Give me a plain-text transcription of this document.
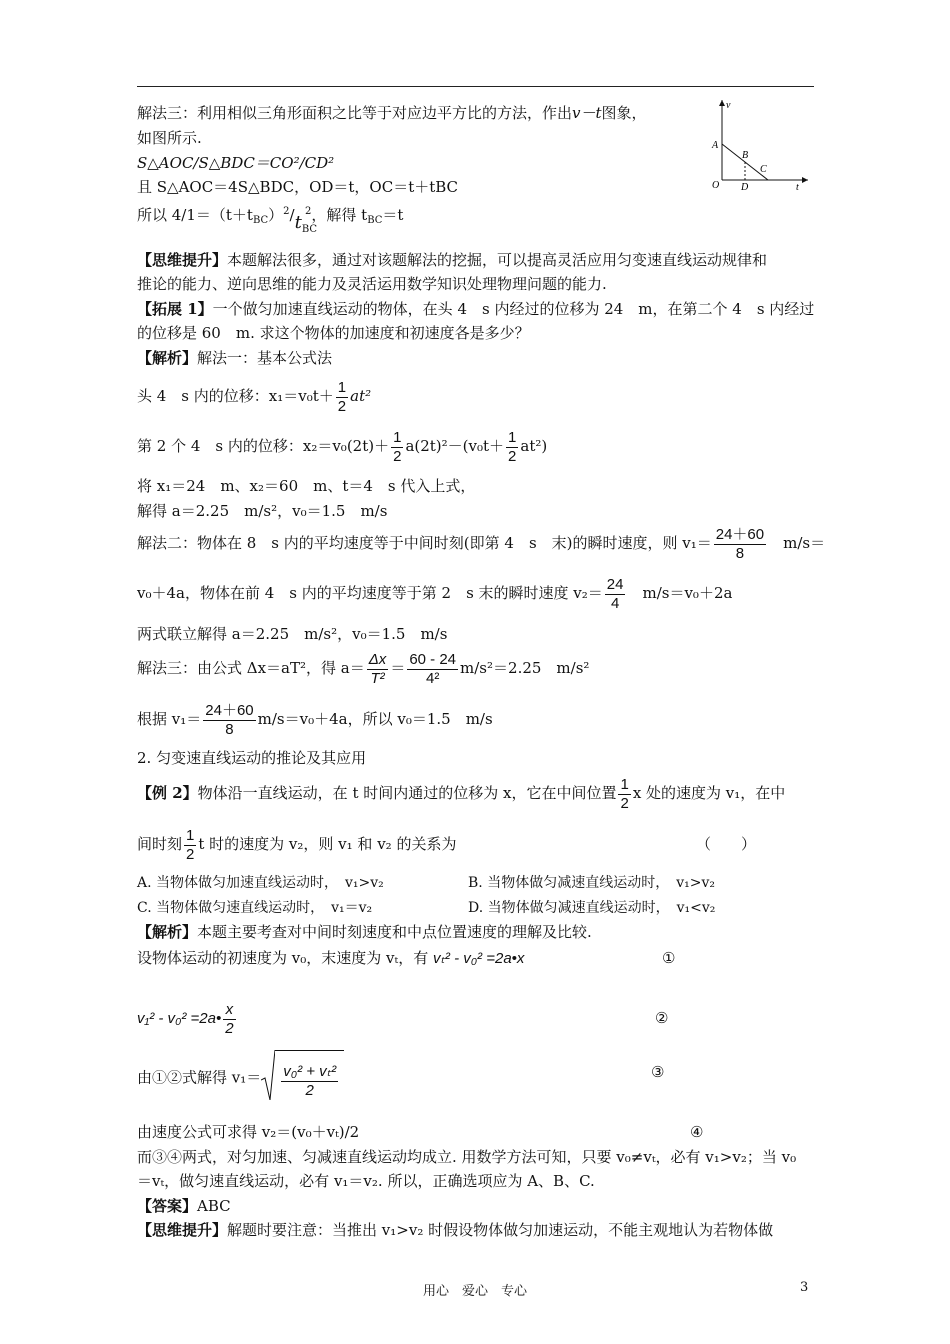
解法三：利用相似三角形面积之比等于对应边平方比的方法，作出v－t图象，
如图所示.
S△AOC/S△BDC＝CO²/CD²
且 S△AOC＝4S△BDC，OD＝t，OC＝t＋tBC
所以 $4/1=(t+t_{BC})^2/t_{BC}^2$，解得 $t_{BC}=t$
v
A
B
C
O D	t
【思维提升】本题解法很多，通过对该题解法的挖掘，可以提高灵活应用匀变速直线运动规律和
推论的能力、逆向思维的能力及灵活运用数学知识处理物理问题的能力.
【拓展 1】一个做匀加速直线运动的物体，在头 4　s 内经过的位移为 24　m，在第二个 4　s 内经过
的位移是 60　m. 求这个物体的加速度和初速度各是多少？
【解析】解法一：基本公式法
头 4　s 内的位移：$x_1=v_0t+ \frac{1}{2} at^2$
第 2 个 4　s 内的位移：$x_2=v_0(2t)+ \frac{1}{2} a(2t)^2-(v_0t+ \frac{1}{2} at^2)$
将 x₁＝24　m、x₂＝60　m、t＝4　s 代入上式，
解得 a＝2.25　m/s²，v₀＝1.5　m/s
解法二：物体在 8　s 内的平均速度等于中间时刻(即第 4　s　末)的瞬时速度，则 $v_1= \frac{24+60}{8}$ 　m/s＝
v₀＋4a，物体在前 4　s 内的平均速度等于第 2　s 末的瞬时速度 $v_2= \frac{24}{4}$ 　m/s＝v₀＋2a
两式联立解得 a＝2.25　m/s²，v₀＝1.5　m/s
解法三：由公式 Δx＝aT²，得 $a= \frac{\Delta x}{\text{T²}} = \frac{60 - 24}{\text{4²}} m/s^2=2.25$　m/s²
根据 $v_1= \frac{24+60}{8} m/s=v_0+4a$，所以 v₀＝1.5　m/s
2. 匀变速直线运动的推论及其应用
【例 2】物体沿一直线运动，在 t 时间内通过的位移为 x，它在中间位置 $\frac{1}{2}$ x 处的速度为 v₁，在中
间时刻 $\frac{1}{2}$ t 时的速度为 v₂，则 v₁ 和 v₂ 的关系为	（　　）
A. 当物体做匀加速直线运动时，　v₁>v₂	B. 当物体做匀减速直线运动时，　v₁>v₂
C. 当物体做匀速直线运动时，　v₁＝v₂	D. 当物体做匀减速直线运动时，　v₁<v₂
【解析】本题主要考查对中间时刻速度和中点位置速度的理解及比较.
设物体运动的初速度为 v₀，末速度为 vₜ，有 vₜ² - v₀² =2a•x	①
v₁² - v₀² =2a• $\frac{x}{2}$	②
由①②式解得 $v_1= \frac{\text{v₀² + vₜ²}}{2}$	③
由速度公式可求得 v₂＝(v₀＋vₜ)/2	④
而③④两式，对匀加速、匀减速直线运动均成立. 用数学方法可知，只要 v₀≠vₜ，必有 v₁>v₂；当 v₀
＝vₜ，做匀速直线运动，必有 v₁＝v₂. 所以，正确选项应为 A、B、C.
【答案】ABC
【思维提升】解题时要注意：当推出 v₁>v₂ 时假设物体做匀加速运动，不能主观地认为若物体做
用心　爱心　专心	3
